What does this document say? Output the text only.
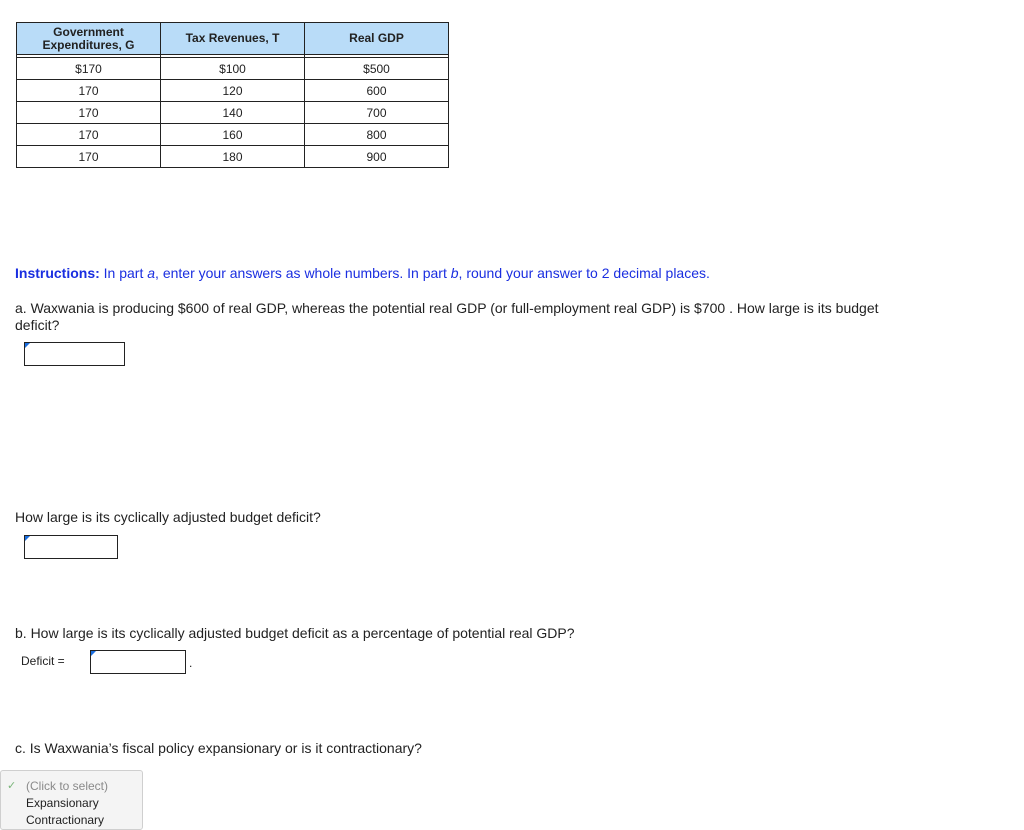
Government
Expenditures, G	Tax Revenues, T	Real GDP

$170	$100	$500
170	120	600
170	140	700
170	160	800
170	180	900
Instructions: In part a, enter your answers as whole numbers. In part b, round your answer to 2 decimal places.
a. Waxwania is producing $600 of real GDP, whereas the potential real GDP (or full-employment real GDP) is $700 . How large is its budget deficit?
How large is its cyclically adjusted budget deficit?
b. How large is its cyclically adjusted budget deficit as a percentage of potential real GDP?
Deficit =	.
c. Is Waxwania’s fiscal policy expansionary or is it contractionary?
✓ (Click to select)
Expansionary
Contractionary
